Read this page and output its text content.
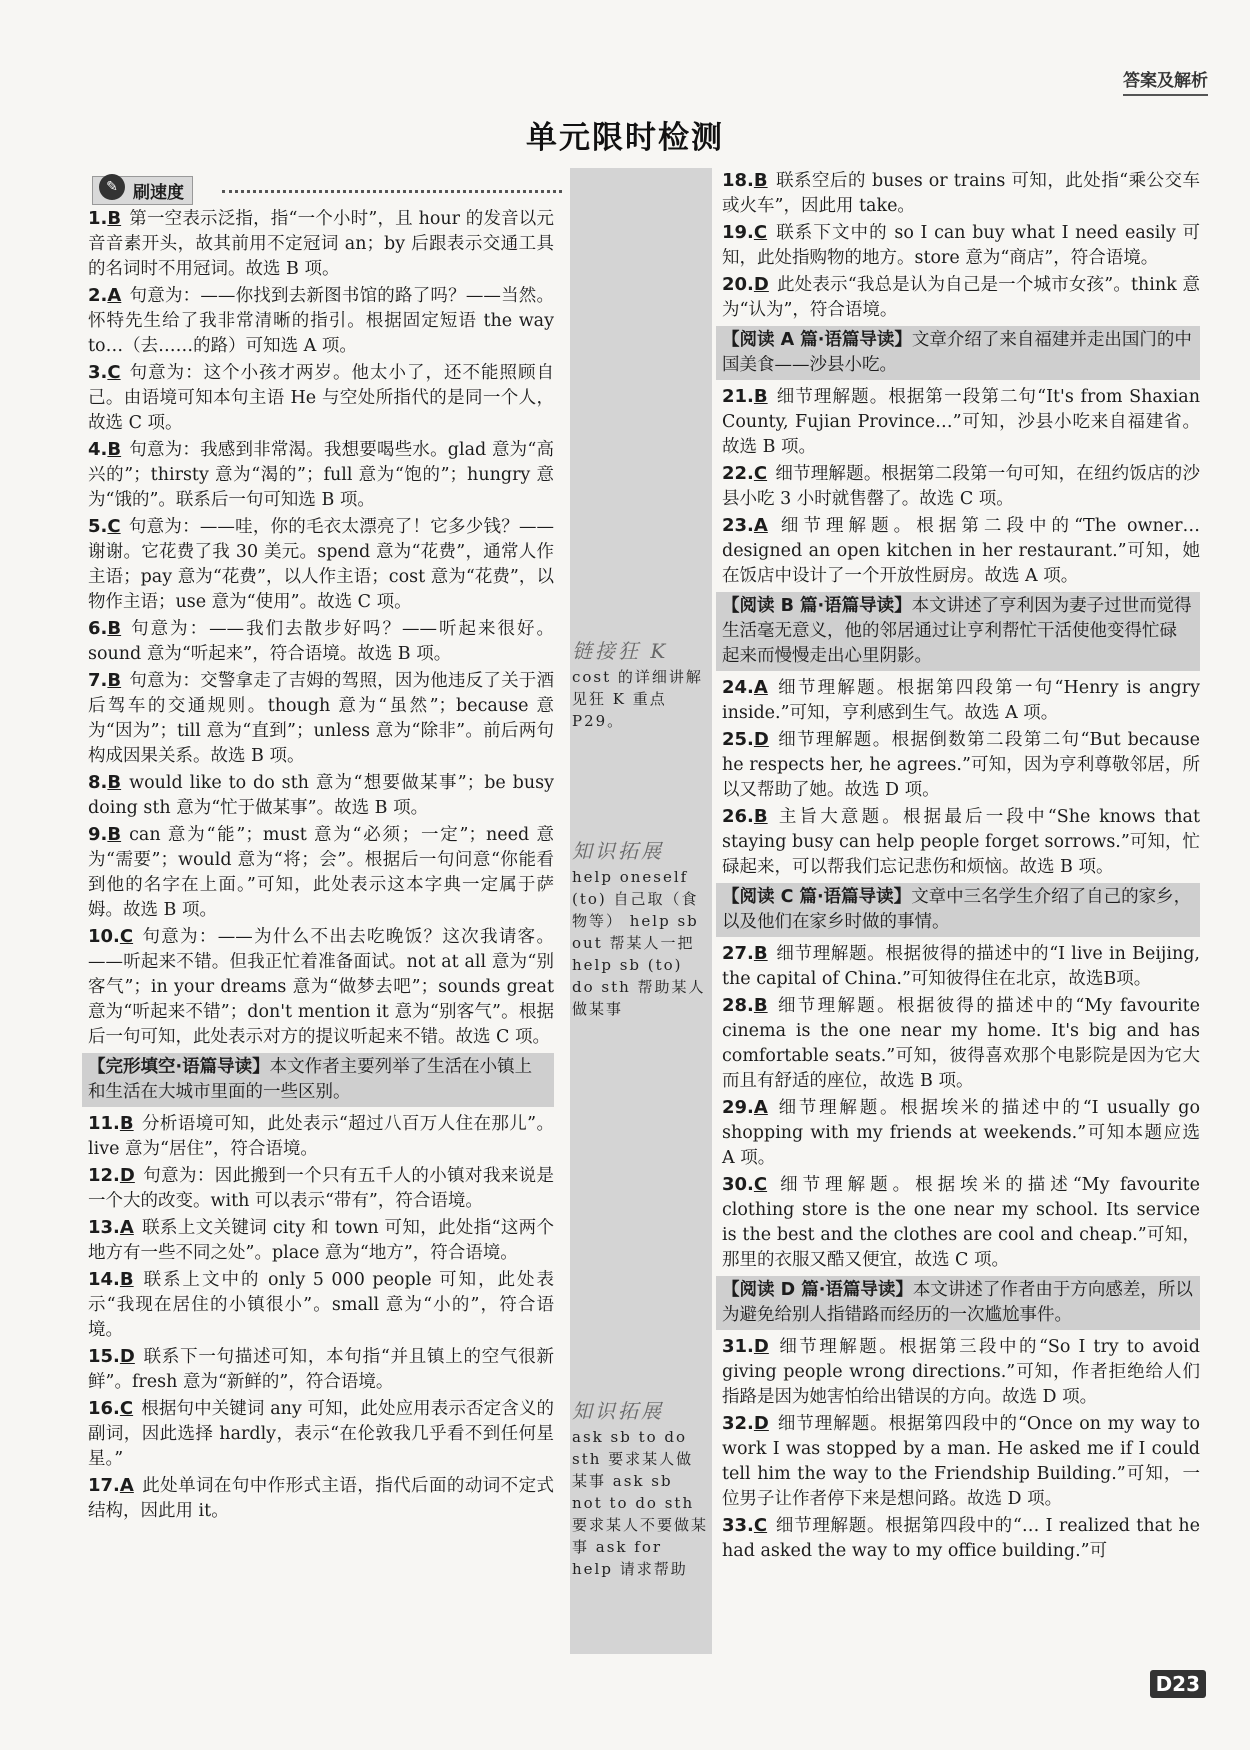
答案及解析
单元限时检测
✎ 刷速度
1.B 第一空表示泛指，指“一个小时”，且 hour 的发音以元音音素开头，故其前用不定冠词 an；by 后跟表示交通工具的名词时不用冠词。故选 B 项。
2.A 句意为：——你找到去新图书馆的路了吗？——当然。怀特先生给了我非常清晰的指引。根据固定短语 the way to…（去……的路）可知选 A 项。
3.C 句意为：这个小孩才两岁。他太小了，还不能照顾自己。由语境可知本句主语 He 与空处所指代的是同一个人，故选 C 项。
4.B 句意为：我感到非常渴。我想要喝些水。glad 意为“高兴的”；thirsty 意为“渴的”；full 意为“饱的”；hungry 意为“饿的”。联系后一句可知选 B 项。
5.C 句意为：——哇，你的毛衣太漂亮了！它多少钱？——谢谢。它花费了我 30 美元。spend 意为“花费”，通常人作主语；pay 意为“花费”，以人作主语；cost 意为“花费”，以物作主语；use 意为“使用”。故选 C 项。
6.B 句意为：——我们去散步好吗？——听起来很好。sound 意为“听起来”，符合语境。故选 B 项。
7.B 句意为：交警拿走了吉姆的驾照，因为他违反了关于酒后驾车的交通规则。though 意为“虽然”；because 意为“因为”；till 意为“直到”；unless 意为“除非”。前后两句构成因果关系。故选 B 项。
8.B would like to do sth 意为“想要做某事”；be busy doing sth 意为“忙于做某事”。故选 B 项。
9.B can 意为“能”；must 意为“必须；一定”；need 意为“需要”；would 意为“将；会”。根据后一句问意“你能看到他的名字在上面。”可知，此处表示这本字典一定属于萨姆。故选 B 项。
10.C 句意为：——为什么不出去吃晚饭？这次我请客。——听起来不错。但我正忙着准备面试。not at all 意为“别客气”；in your dreams 意为“做梦去吧”；sounds great 意为“听起来不错”；don't mention it 意为“别客气”。根据后一句可知，此处表示对方的提议听起来不错。故选 C 项。
【完形填空·语篇导读】本文作者主要列举了生活在小镇上和生活在大城市里面的一些区别。
11.B 分析语境可知，此处表示“超过八百万人住在那儿”。live 意为“居住”，符合语境。
12.D 句意为：因此搬到一个只有五千人的小镇对我来说是一个大的改变。with 可以表示“带有”，符合语境。
13.A 联系上文关键词 city 和 town 可知，此处指“这两个地方有一些不同之处”。place 意为“地方”，符合语境。
14.B 联系上文中的 only 5 000 people 可知，此处表示“我现在居住的小镇很小”。small 意为“小的”，符合语境。
15.D 联系下一句描述可知，本句指“并且镇上的空气很新鲜”。fresh 意为“新鲜的”，符合语境。
16.C 根据句中关键词 any 可知，此处应用表示否定含义的副词，因此选择 hardly，表示“在伦敦我几乎看不到任何星星。”
17.A 此处单词在句中作形式主语，指代后面的动词不定式结构，因此用 it。
18.B 联系空后的 buses or trains 可知，此处指“乘公交车或火车”，因此用 take。
19.C 联系下文中的 so I can buy what I need easily 可知，此处指购物的地方。store 意为“商店”，符合语境。
20.D 此处表示“我总是认为自己是一个城市女孩”。think 意为“认为”，符合语境。
【阅读 A 篇·语篇导读】文章介绍了来自福建并走出国门的中国美食——沙县小吃。
21.B 细节理解题。根据第一段第二句“It's from Shaxian County, Fujian Province…”可知，沙县小吃来自福建省。故选 B 项。
22.C 细节理解题。根据第二段第一句可知，在纽约饭店的沙县小吃 3 小时就售罄了。故选 C 项。
23.A 细节理解题。根据第二段中的“The owner…designed an open kitchen in her restaurant.”可知，她在饭店中设计了一个开放性厨房。故选 A 项。
【阅读 B 篇·语篇导读】本文讲述了亨利因为妻子过世而觉得生活毫无意义，他的邻居通过让亨利帮忙干活使他变得忙碌起来而慢慢走出心里阴影。
24.A 细节理解题。根据第四段第一句“Henry is angry inside.”可知，亨利感到生气。故选 A 项。
25.D 细节理解题。根据倒数第二段第二句“But because he respects her, he agrees.”可知，因为亨利尊敬邻居，所以又帮助了她。故选 D 项。
26.B 主旨大意题。根据最后一段中“She knows that staying busy can help people forget sorrows.”可知，忙碌起来，可以帮我们忘记悲伤和烦恼。故选 B 项。
【阅读 C 篇·语篇导读】文章中三名学生介绍了自己的家乡，以及他们在家乡时做的事情。
27.B 细节理解题。根据彼得的描述中的“I live in Beijing, the capital of China.”可知彼得住在北京，故选B项。
28.B 细节理解题。根据彼得的描述中的“My favourite cinema is the one near my home. It's big and has comfortable seats.”可知，彼得喜欢那个电影院是因为它大而且有舒适的座位，故选 B 项。
29.A 细节理解题。根据埃米的描述中的“I usually go shopping with my friends at weekends.”可知本题应选 A 项。
30.C 细节理解题。根据埃米的描述“My favourite clothing store is the one near my school. Its service is the best and the clothes are cool and cheap.”可知，那里的衣服又酷又便宜，故选 C 项。
【阅读 D 篇·语篇导读】本文讲述了作者由于方向感差，所以为避免给别人指错路而经历的一次尴尬事件。
31.D 细节理解题。根据第三段中的“So I try to avoid giving people wrong directions.”可知，作者拒绝给人们指路是因为她害怕给出错误的方向。故选 D 项。
32.D 细节理解题。根据第四段中的“Once on my way to work I was stopped by a man. He asked me if I could tell him the way to the Friendship Building.”可知，一位男子让作者停下来是想问路。故选 D 项。
33.C 细节理解题。根据第四段中的“… I realized that he had asked the way to my office building.”可
链接狂 K
cost 的详细讲解见狂 K 重点 P29。
知识拓展
help oneself (to) 自己取（食物等） help sb out 帮某人一把 help sb (to) do sth 帮助某人做某事
知识拓展
ask sb to do sth 要求某人做某事 ask sb not to do sth 要求某人不要做某事 ask for help 请求帮助
D23
